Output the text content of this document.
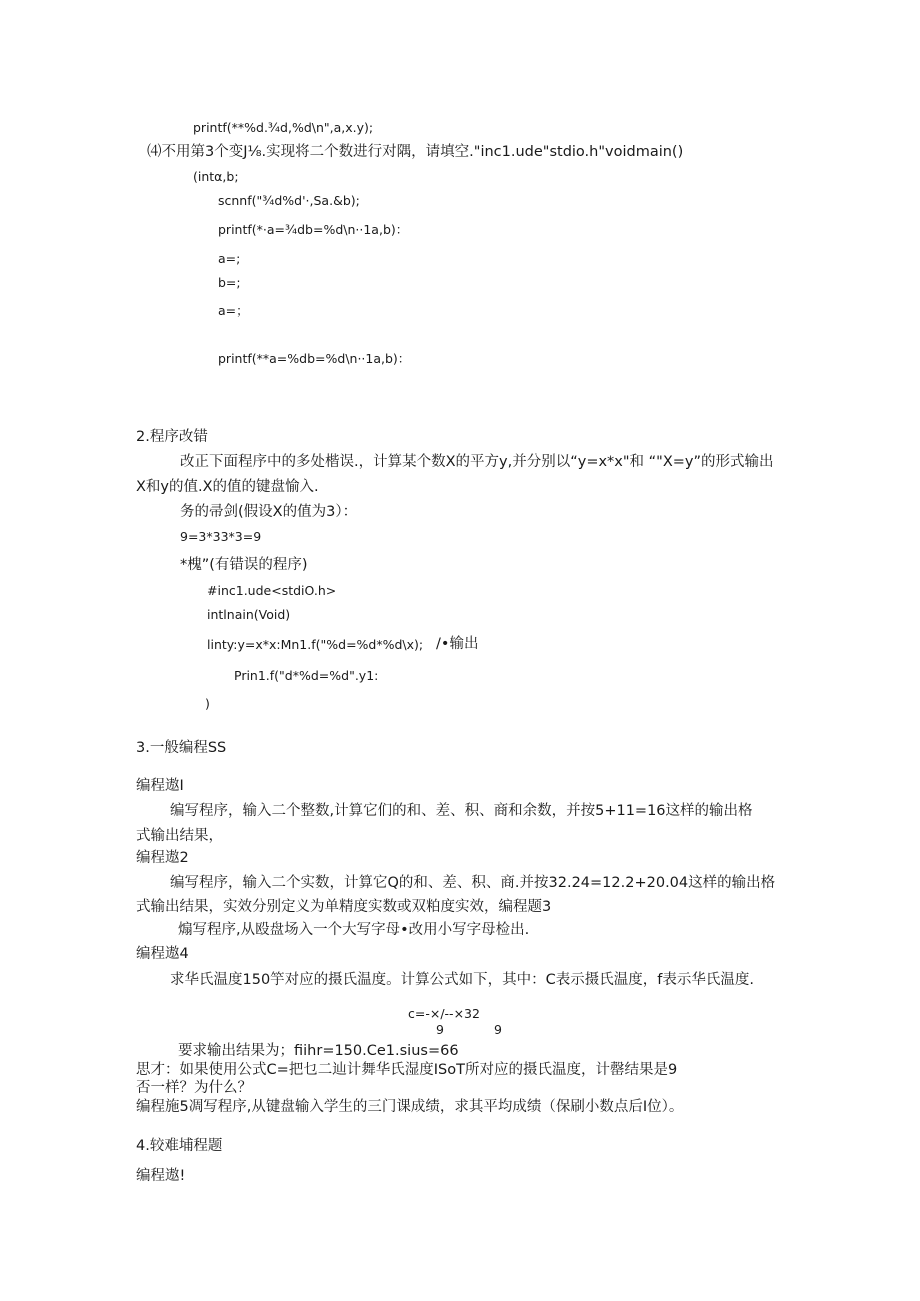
printf(**%d.¾d,%d\n",a,x.y);
⑷不用第3个变J⅛.实现将二个数进行对隅，请填空."inc1.ude"stdio.h"voidmain()
(intα,b;
scnnf("¾d%d'·,Sa.&b);
printf(*·a=¾db=%d\n··1a,b)：
a=;
b=;
a=；
printf(**a=%db=%d\n··1a,b)：
2.程序改错
改正下面程序中的多处楷误.，计算某个数X的平方y,并分别以“y=x*x"和 “"X=y”的形式输出
X和y的值.X的值的键盘愉入.
务的帚剑(假设X的值为3）：
9=3*33*3=9
*槐”(有错误的程序)
#inc1.ude<stdiO.h>
intlnain(Void)
linty:y=x*x:Mn1.f("%d=%d*%d\x); /•输出
Prin1.f("d*%d=%d".y1:
)
3.一般编程SS
编程遨I
编写程序，输入二个整数,计算它们的和、差、积、商和余数，并按5+11=16这样的输出格
式输出结果，
编程遨2
编写程序，输入二个实数，计算它Q的和、差、积、商.并按32.24=12.2+20.04这样的输出格
式输出结果，实效分别定义为单精度实数或双粕度实效，编程题3
煽写程序,从殴盘场入一个大写字母•改用小写字母检出.
编程遨4
求华氏温度150竽对应的摄氏温度。计算公式如下，其中：C表示摄氏温度，f表示华氏温度.
c=-×/--×32
9	9
要求输出结果为；fiihr=150.Ce1.sius=66
思才：如果使用公式C=把乜二辿计舞华氏湿度ISoT所对应的摄氏温度，计罄结果是9
否一样？为什么？
编程施5凋写程序,从键盘输入学生的三门课成绩，求其平均成绩（保刷小数点后I位）。
4.较难埔程题
编程遨!
